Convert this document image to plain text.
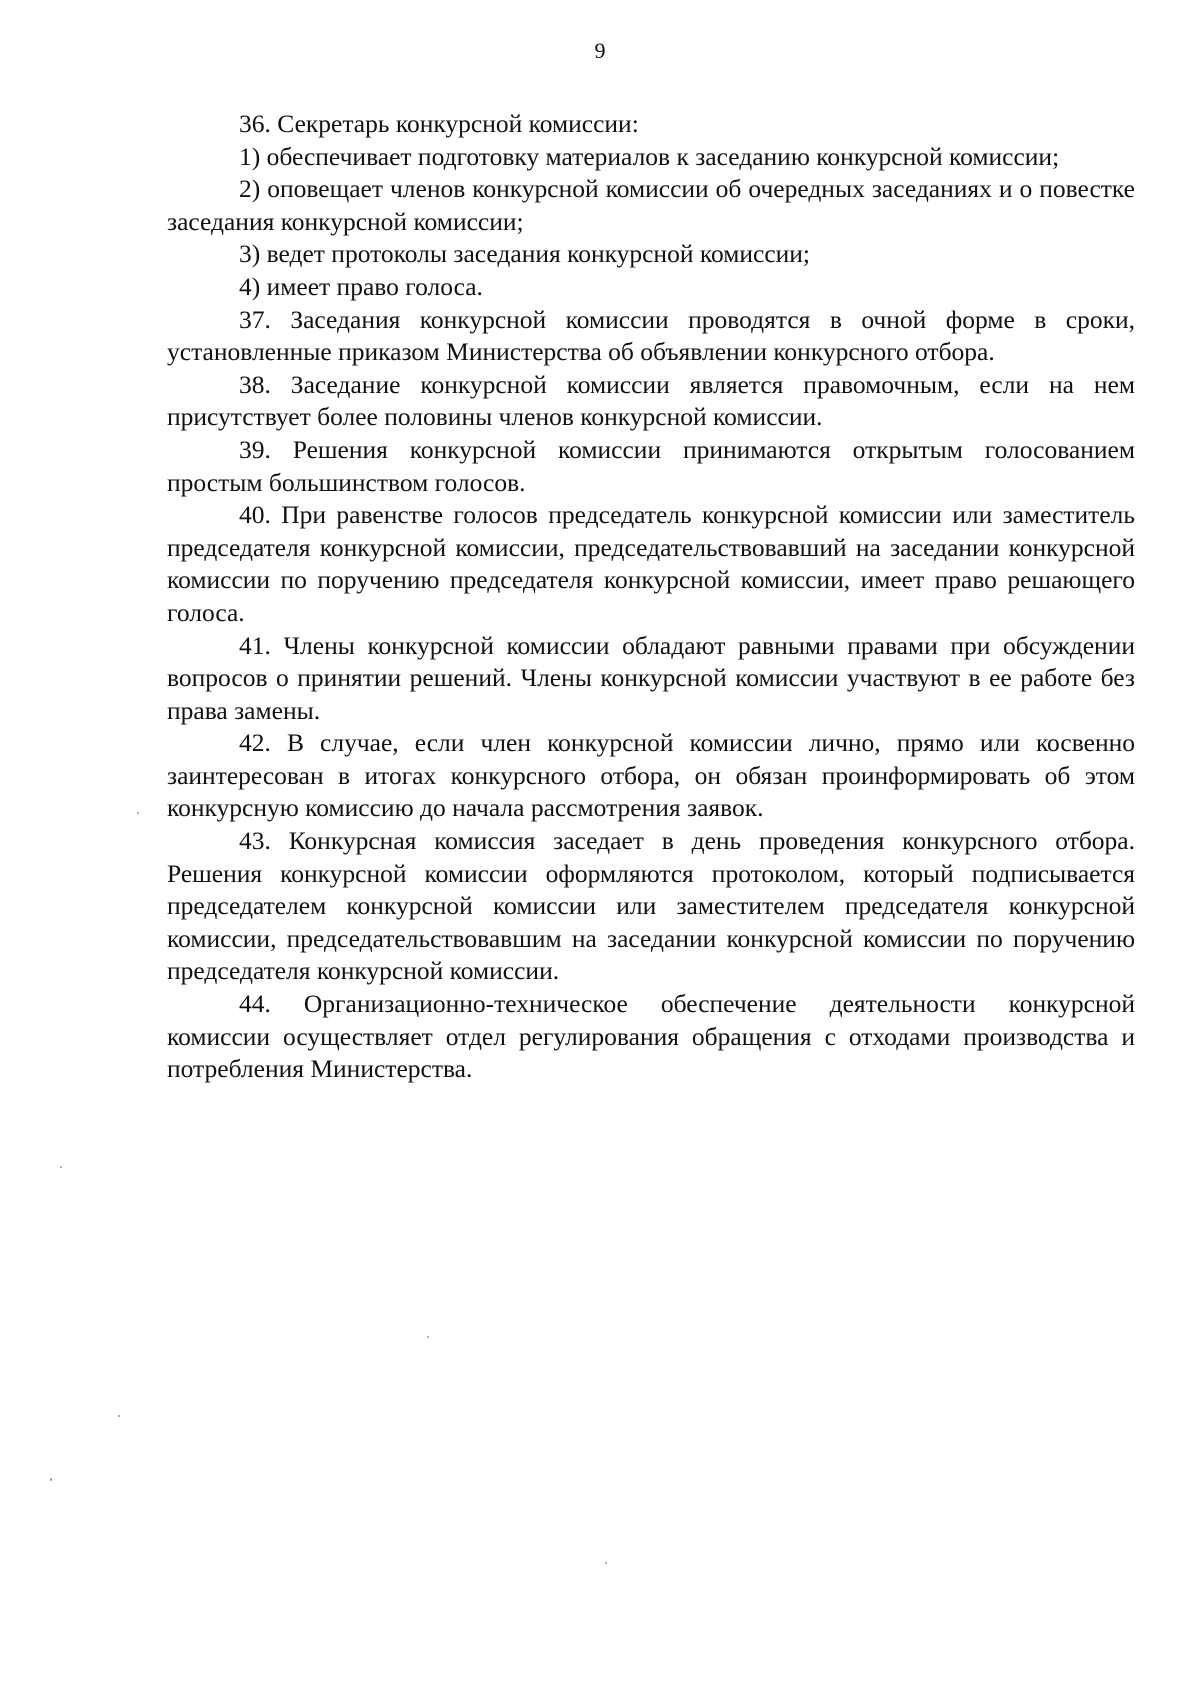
9

36. Секретарь конкурсной комиссии:

1) обеспечивает подготовку материалов к заседанию конкурсной комиссии;

2) оповещает членов конкурсной комиссии об очередных заседаниях и о повестке заседания конкурсной комиссии;

3) ведет протоколы заседания конкурсной комиссии;

4) имеет право голоса.

37. Заседания конкурсной комиссии проводятся в очной форме в сроки, установленные приказом Министерства об объявлении конкурсного отбора.

38. Заседание конкурсной комиссии является правомочным, если на нем присутствует более половины членов конкурсной комиссии.

39. Решения конкурсной комиссии принимаются открытым голосованием простым большинством голосов.

40. При равенстве голосов председатель конкурсной комиссии или заместитель председателя конкурсной комиссии, председательствовавший на заседании конкурсной комиссии по поручению председателя конкурсной комиссии, имеет право решающего голоса.

41. Члены конкурсной комиссии обладают равными правами при обсуждении вопросов о принятии решений. Члены конкурсной комиссии участвуют в ее работе без права замены.

42. В случае, если член конкурсной комиссии лично, прямо или косвенно заинтересован в итогах конкурсного отбора, он обязан проинформировать об этом конкурсную комиссию до начала рассмотрения заявок.

43. Конкурсная комиссия заседает в день проведения конкурсного отбора. Решения конкурсной комиссии оформляются протоколом, который подписывается председателем конкурсной комиссии или заместителем председателя конкурсной комиссии, председательствовавшим на заседании конкурсной комиссии по поручению председателя конкурсной комиссии.

44. Организационно-техническое обеспечение деятельности конкурсной комиссии осуществляет отдел регулирования обращения с отходами производства и потребления Министерства.
